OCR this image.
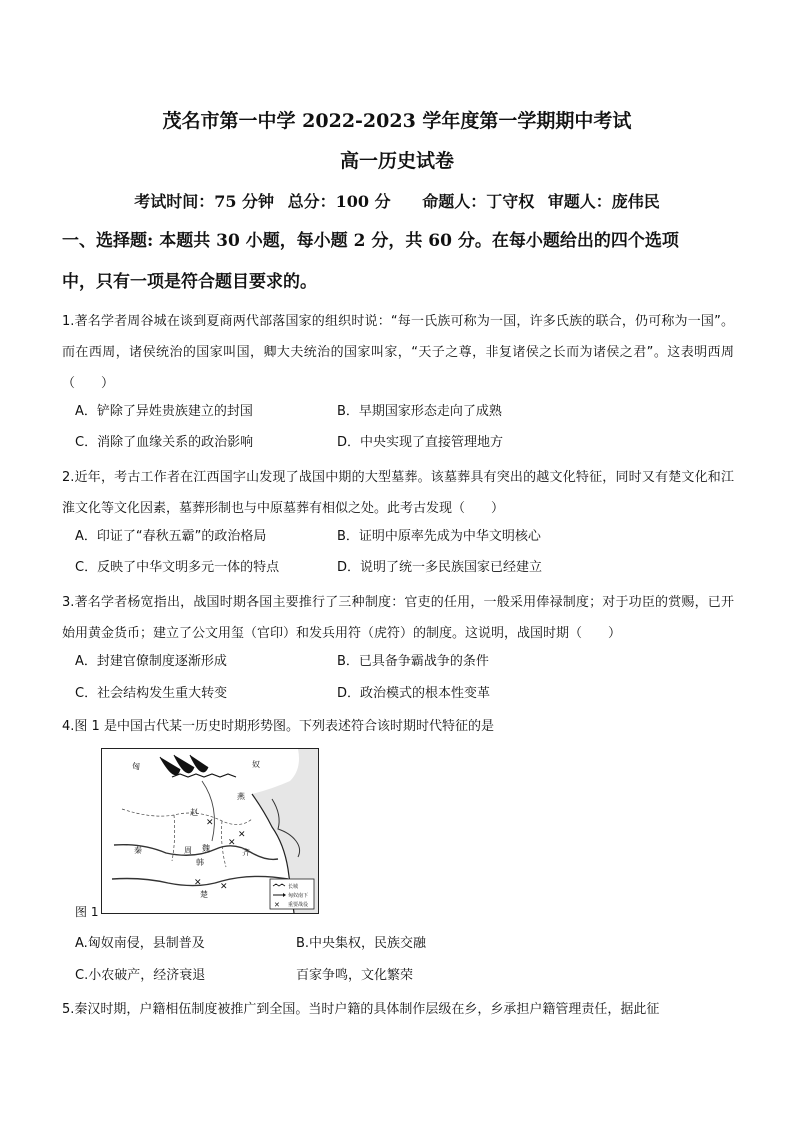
茂名市第一中学 2022-2023 学年度第一学期期中考试
高一历史试卷
考试时间：75 分钟 总分：100 分 命题人：丁守权 审题人：庞伟民
一、选择题: 本题共 30 小题，每小题 2 分，共 60 分。在每小题给出的四个选项
中，只有一项是符合题目要求的。
1.著名学者周谷城在谈到夏商两代部落国家的组织时说：“每一氏族可称为一国，许多氏族的联合，仍可称为一国”。而在西周，诸侯统治的国家叫国，卿大夫统治的国家叫家，“天子之尊，非复诸侯之长而为诸侯之君”。这表明西周（　　）
A．铲除了异姓贵族建立的封国	B．早期国家形态走向了成熟
C．消除了血缘关系的政治影响	D．中央实现了直接管理地方
2.近年，考古工作者在江西国字山发现了战国中期的大型墓葬。该墓葬具有突出的越文化特征，同时又有楚文化和江淮文化等文化因素，墓葬形制也与中原墓葬有相似之处。此考古发现（　　）
A．印证了“春秋五霸”的政治格局	B．证明中原率先成为中华文明核心
C．反映了中华文明多元一体的特点	D．说明了统一多民族国家已经建立
3.著名学者杨宽指出，战国时期各国主要推行了三种制度：官吏的任用，一般采用俸禄制度；对于功臣的赏赐，已开始用黄金货币；建立了公文用玺（官印）和发兵用符（虎符）的制度。这说明，战国时期（　　）
A．封建官僚制度逐渐形成	B．已具备争霸战争的条件
C．社会结构发生重大转变	D．政治模式的根本性变革
4.图 1 是中国古代某一历史时期形势图。下列表述符合该时期时代特征的是
✕
✕
✕
✕ ✕
匈	奴
燕
赵
魏
秦
韩
齐
楚
周
✕
长城
匈奴南下
重要战役
图 1
A.匈奴南侵，县制普及	B.中央集权，民族交融
C.小农破产，经济衰退	百家争鸣，文化繁荣
5.秦汉时期，户籍相伍制度被推广到全国。当时户籍的具体制作层级在乡，乡承担户籍管理责任，据此征
